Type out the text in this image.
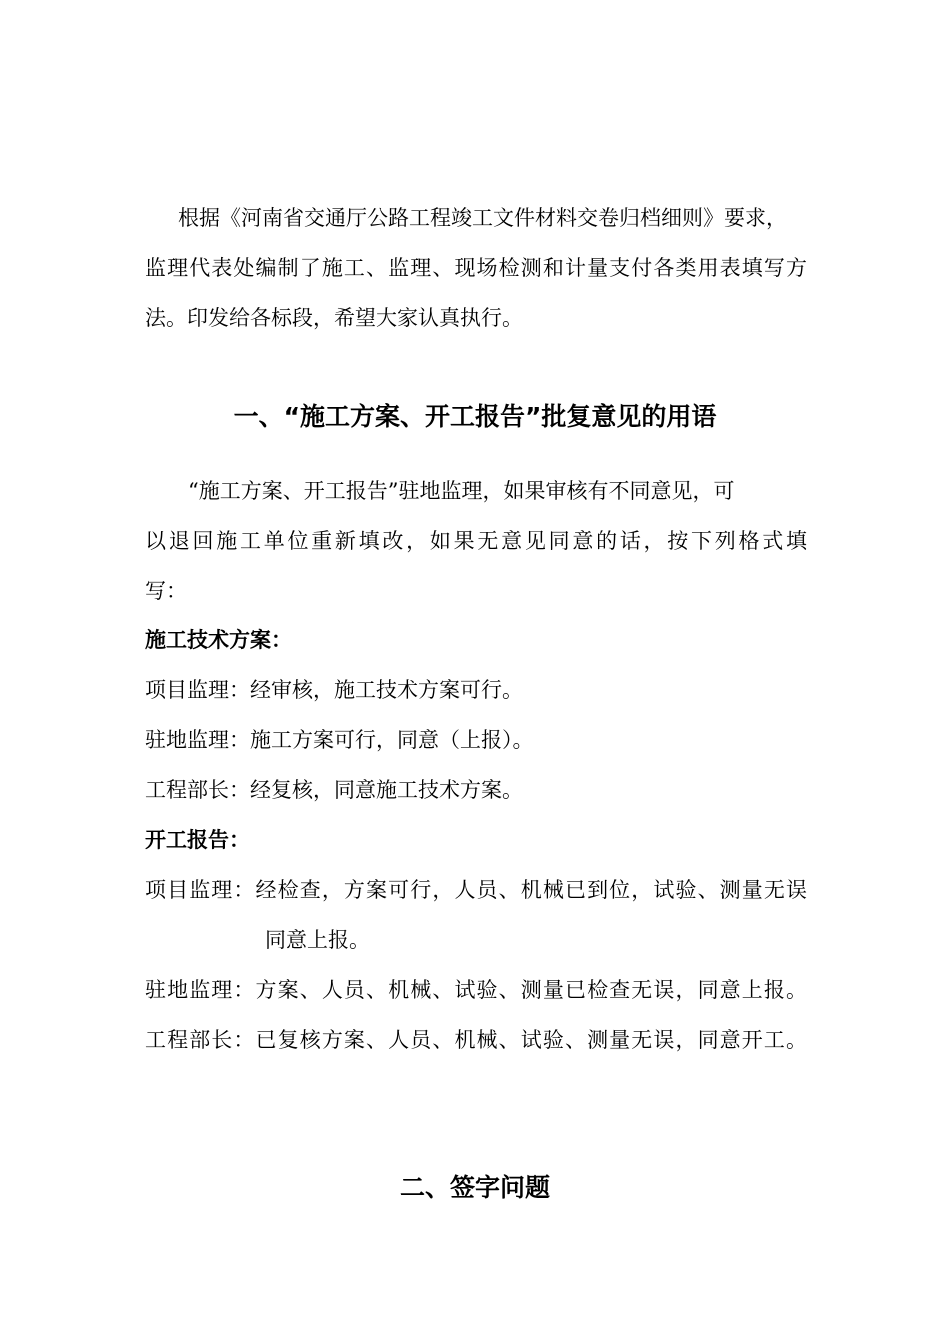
根据《河南省交通厅公路工程竣工文件材料交卷归档细则》要求，
监理代表处编制了施工、监理、现场检测和计量支付各类用表填写方
法。印发给各标段，希望大家认真执行。
一、“施工方案、开工报告”批复意见的用语
“施工方案、开工报告”驻地监理，如果审核有不同意见，可
以退回施工单位重新填改，如果无意见同意的话，按下列格式填
写：
施工技术方案：
项目监理：经审核，施工技术方案可行。
驻地监理：施工方案可行，同意（上报）。
工程部长：经复核，同意施工技术方案。
开工报告：
项目监理：经检查，方案可行，人员、机械已到位，试验、测量无误
同意上报。
驻地监理：方案、人员、机械、试验、测量已检查无误，同意上报。
工程部长：已复核方案、人员、机械、试验、测量无误，同意开工。
二、签字问题
